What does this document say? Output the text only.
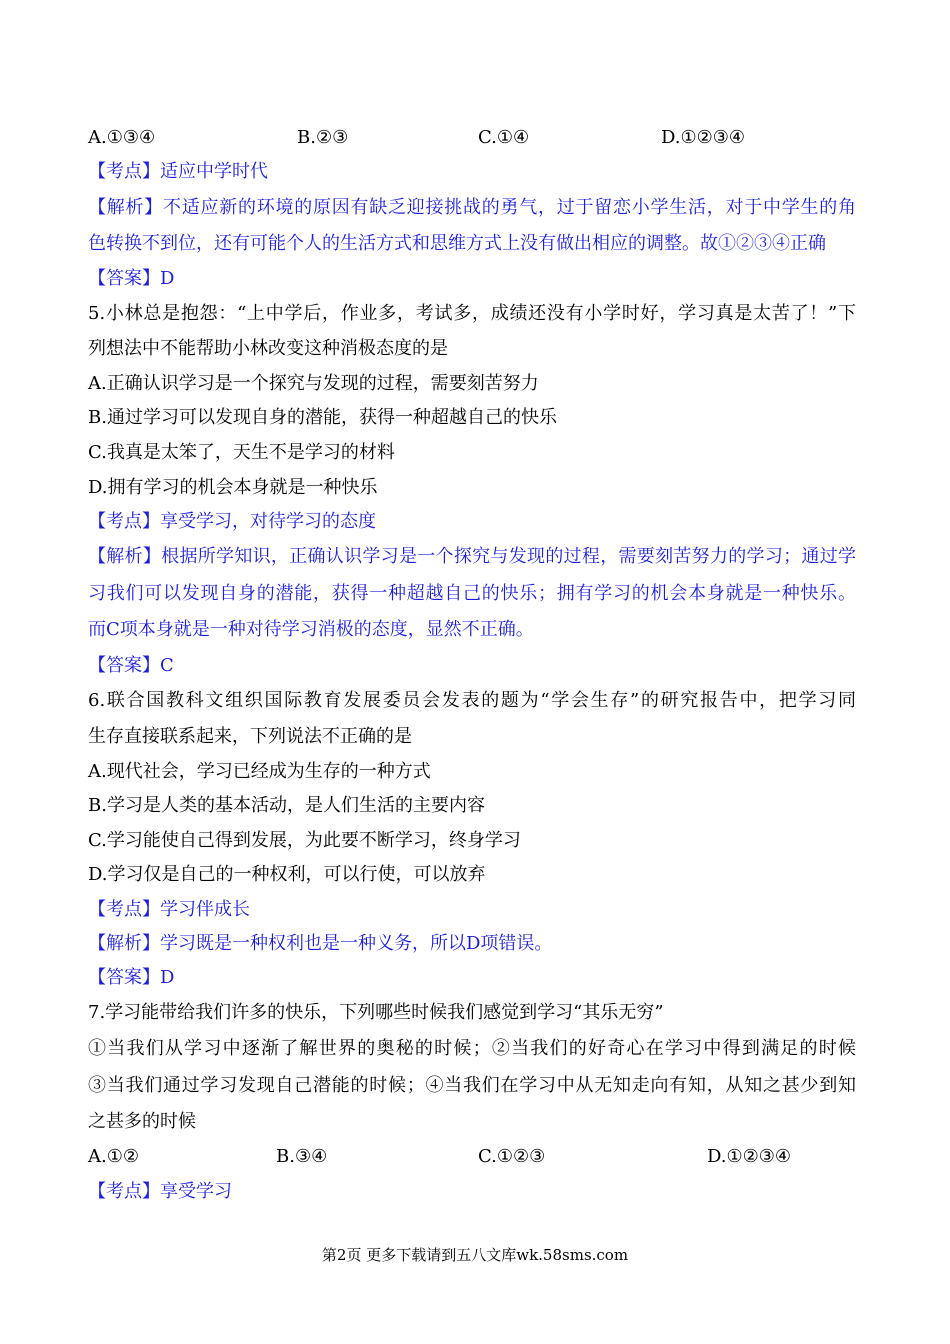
A.①③④	B.②③	C.①④	D.①②③④
【考点】适应中学时代
【解析】不适应新的环境的原因有缺乏迎接挑战的勇气，过于留恋小学生活，对于中学生的角
色转换不到位，还有可能个人的生活方式和思维方式上没有做出相应的调整。故①②③④正确
【答案】D
5.小林总是抱怨：“上中学后，作业多，考试多，成绩还没有小学时好，学习真是太苦了！”下
列想法中不能帮助小林改变这种消极态度的是
A.正确认识学习是一个探究与发现的过程，需要刻苦努力
B.通过学习可以发现自身的潜能，获得一种超越自己的快乐
C.我真是太笨了，天生不是学习的材料
D.拥有学习的机会本身就是一种快乐
【考点】享受学习，对待学习的态度
【解析】根据所学知识，正确认识学习是一个探究与发现的过程，需要刻苦努力的学习；通过学
习我们可以发现自身的潜能，获得一种超越自己的快乐；拥有学习的机会本身就是一种快乐。
而C项本身就是一种对待学习消极的态度，显然不正确。
【答案】C
6.联合国教科文组织国际教育发展委员会发表的题为“学会生存”的研究报告中，把学习同
生存直接联系起来，下列说法不正确的是
A.现代社会，学习已经成为生存的一种方式
B.学习是人类的基本活动，是人们生活的主要内容
C.学习能使自己得到发展，为此要不断学习，终身学习
D.学习仅是自己的一种权利，可以行使，可以放弃
【考点】学习伴成长
【解析】学习既是一种权利也是一种义务，所以D项错误。
【答案】D
7.学习能带给我们许多的快乐，下列哪些时候我们感觉到学习“其乐无穷”
①当我们从学习中逐渐了解世界的奥秘的时候；②当我们的好奇心在学习中得到满足的时候
③当我们通过学习发现自己潜能的时候；④当我们在学习中从无知走向有知，从知之甚少到知
之甚多的时候
A.①②	B.③④	C.①②③	D.①②③④
【考点】享受学习
第2页 更多下载请到五八文库wk.58sms.com
